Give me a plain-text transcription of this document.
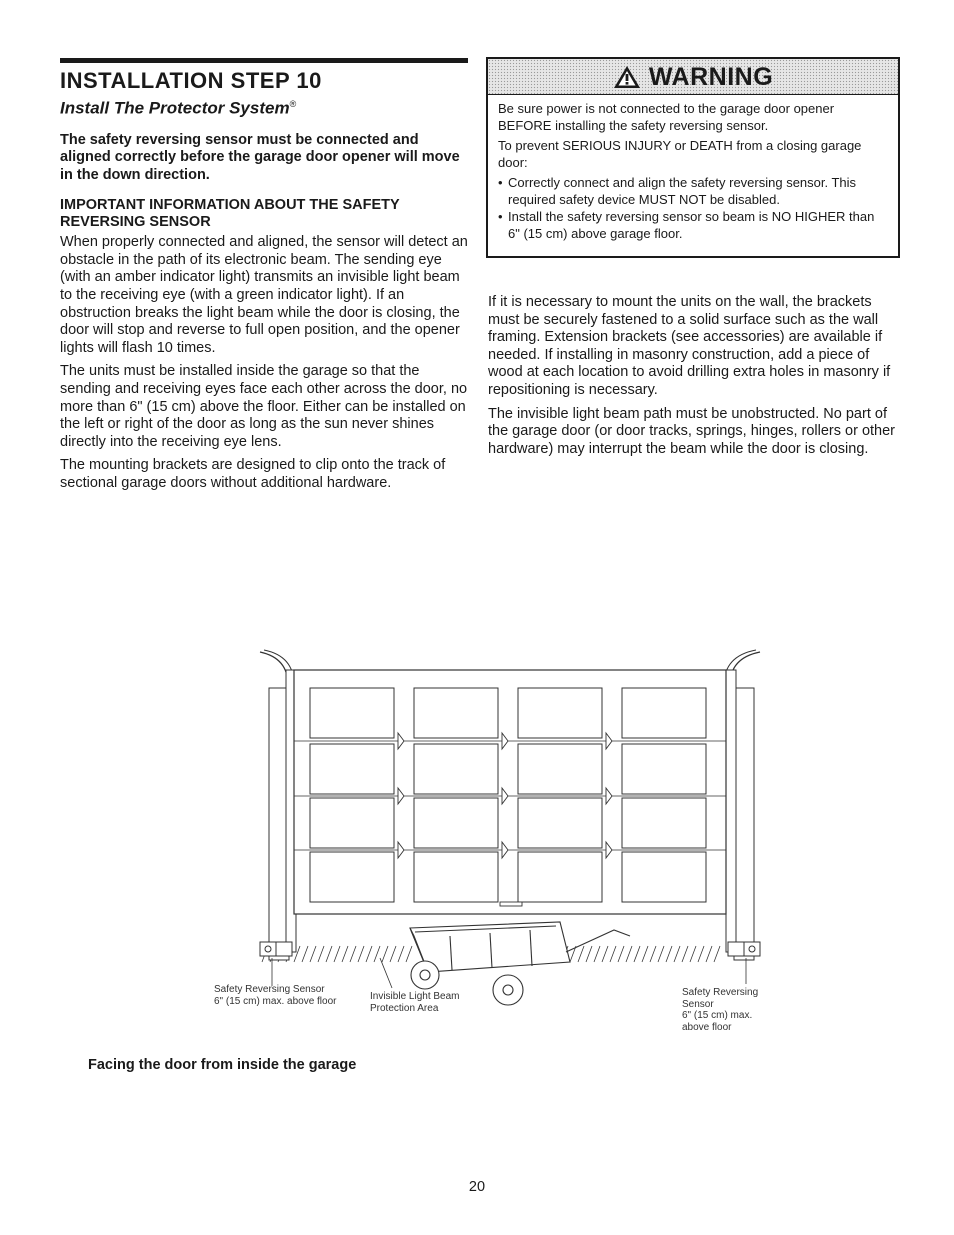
INSTALLATION STEP 10
Install The Protector System®

The safety reversing sensor must be connected and aligned correctly before the garage door opener will move in the down direction.

IMPORTANT INFORMATION ABOUT THE SAFETY REVERSING SENSOR

When properly connected and aligned, the sensor will detect an obstacle in the path of its electronic beam. The sending eye (with an amber indicator light) transmits an invisible light beam to the receiving eye (with a green indicator light). If an obstruction breaks the light beam while the door is closing, the door will stop and reverse to full open position, and the opener lights will flash 10 times.

The units must be installed inside the garage so that the sending and receiving eyes face each other across the door, no more than 6" (15 cm) above the floor. Either can be installed on the left or right of the door as long as the sun never shines directly into the receiving eye lens.

The mounting brackets are designed to clip onto the track of sectional garage doors without additional hardware.

WARNING

Be sure power is not connected to the garage door opener BEFORE installing the safety reversing sensor.

To prevent SERIOUS INJURY or DEATH from a closing garage door:

• Correctly connect and align the safety reversing sensor. This required safety device MUST NOT be disabled.
• Install the safety reversing sensor so beam is NO HIGHER than 6" (15 cm) above garage floor.

If it is necessary to mount the units on the wall, the brackets must be securely fastened to a solid surface such as the wall framing. Extension brackets (see accessories) are available if needed. If installing in masonry construction, add a piece of wood at each location to avoid drilling extra holes in masonry if repositioning is necessary.

The invisible light beam path must be unobstructed. No part of the garage door (or door tracks, springs, hinges, rollers or other hardware) may interrupt the beam while the door is closing.

Safety Reversing Sensor
6" (15 cm) max. above floor	Invisible Light Beam
Protection Area
Safety Reversing Sensor
6" (15 cm) max. above floor
Facing the door from inside the garage
20
